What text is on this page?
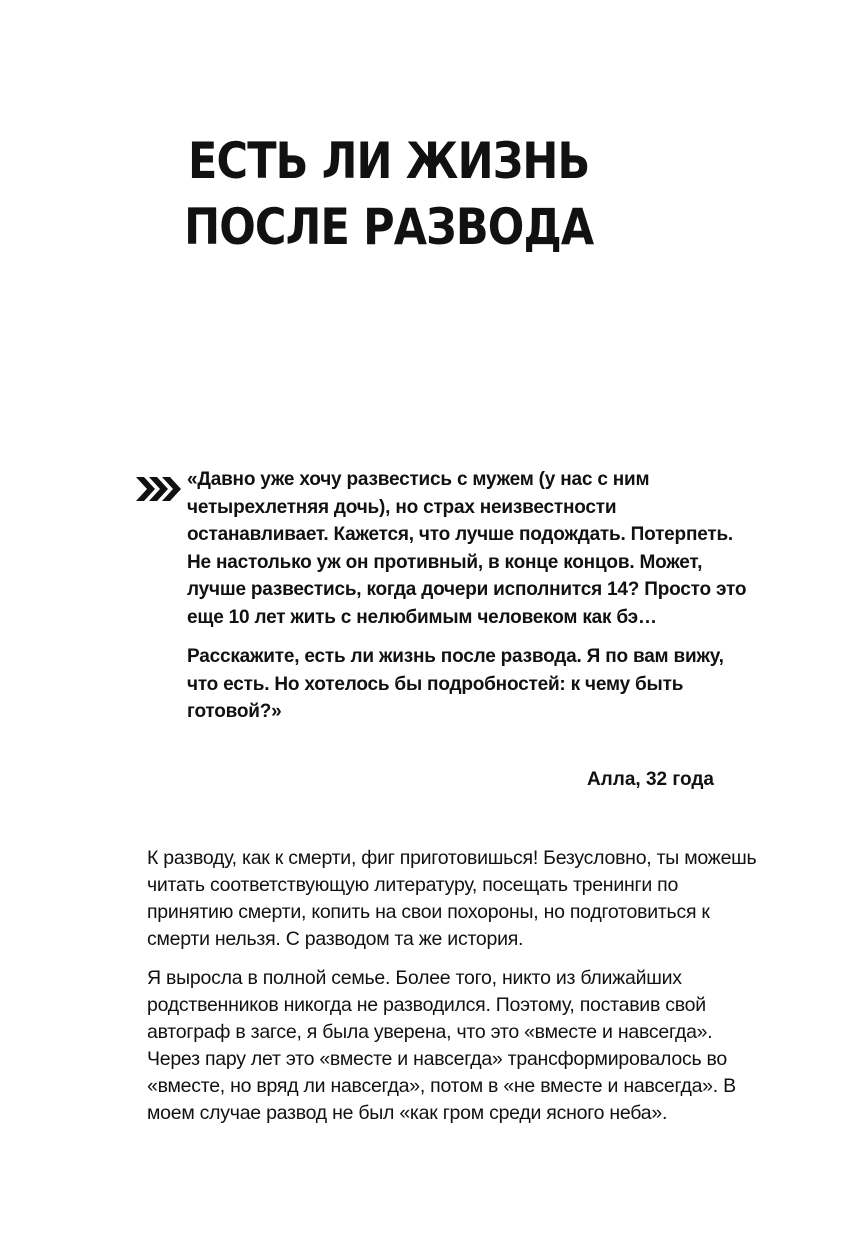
ЕСТЬ ЛИ ЖИЗНЬ
ПОСЛЕ РАЗВОДА

«Давно уже хочу развестись с мужем (у нас с ним четырехлетняя дочь), но страх неизвестности останавливает. Кажется, что лучше подождать. Потерпеть. Не настолько уж он противный, в конце концов. Может, лучше развестись, когда дочери исполнится 14? Просто это еще 10 лет жить с нелюбимым человеком как бэ…

Расскажите, есть ли жизнь после развода. Я по вам вижу, что есть. Но хотелось бы подробностей: к чему быть готовой?»

Алла, 32 года

К разводу, как к смерти, фиг приготовишься! Безусловно, ты можешь читать соответствующую литературу, посещать тренинги по принятию смерти, копить на свои похороны, но подготовиться к смерти нельзя. С разводом та же история.

Я выросла в полной семье. Более того, никто из ближайших родственников никогда не разводился. Поэтому, поставив свой автограф в загсе, я была уверена, что это «вместе и навсегда». Через пару лет это «вместе и навсегда» трансформировалось во «вместе, но вряд ли навсегда», потом в «не вместе и навсегда». В моем случае развод не был «как гром среди ясного неба».
